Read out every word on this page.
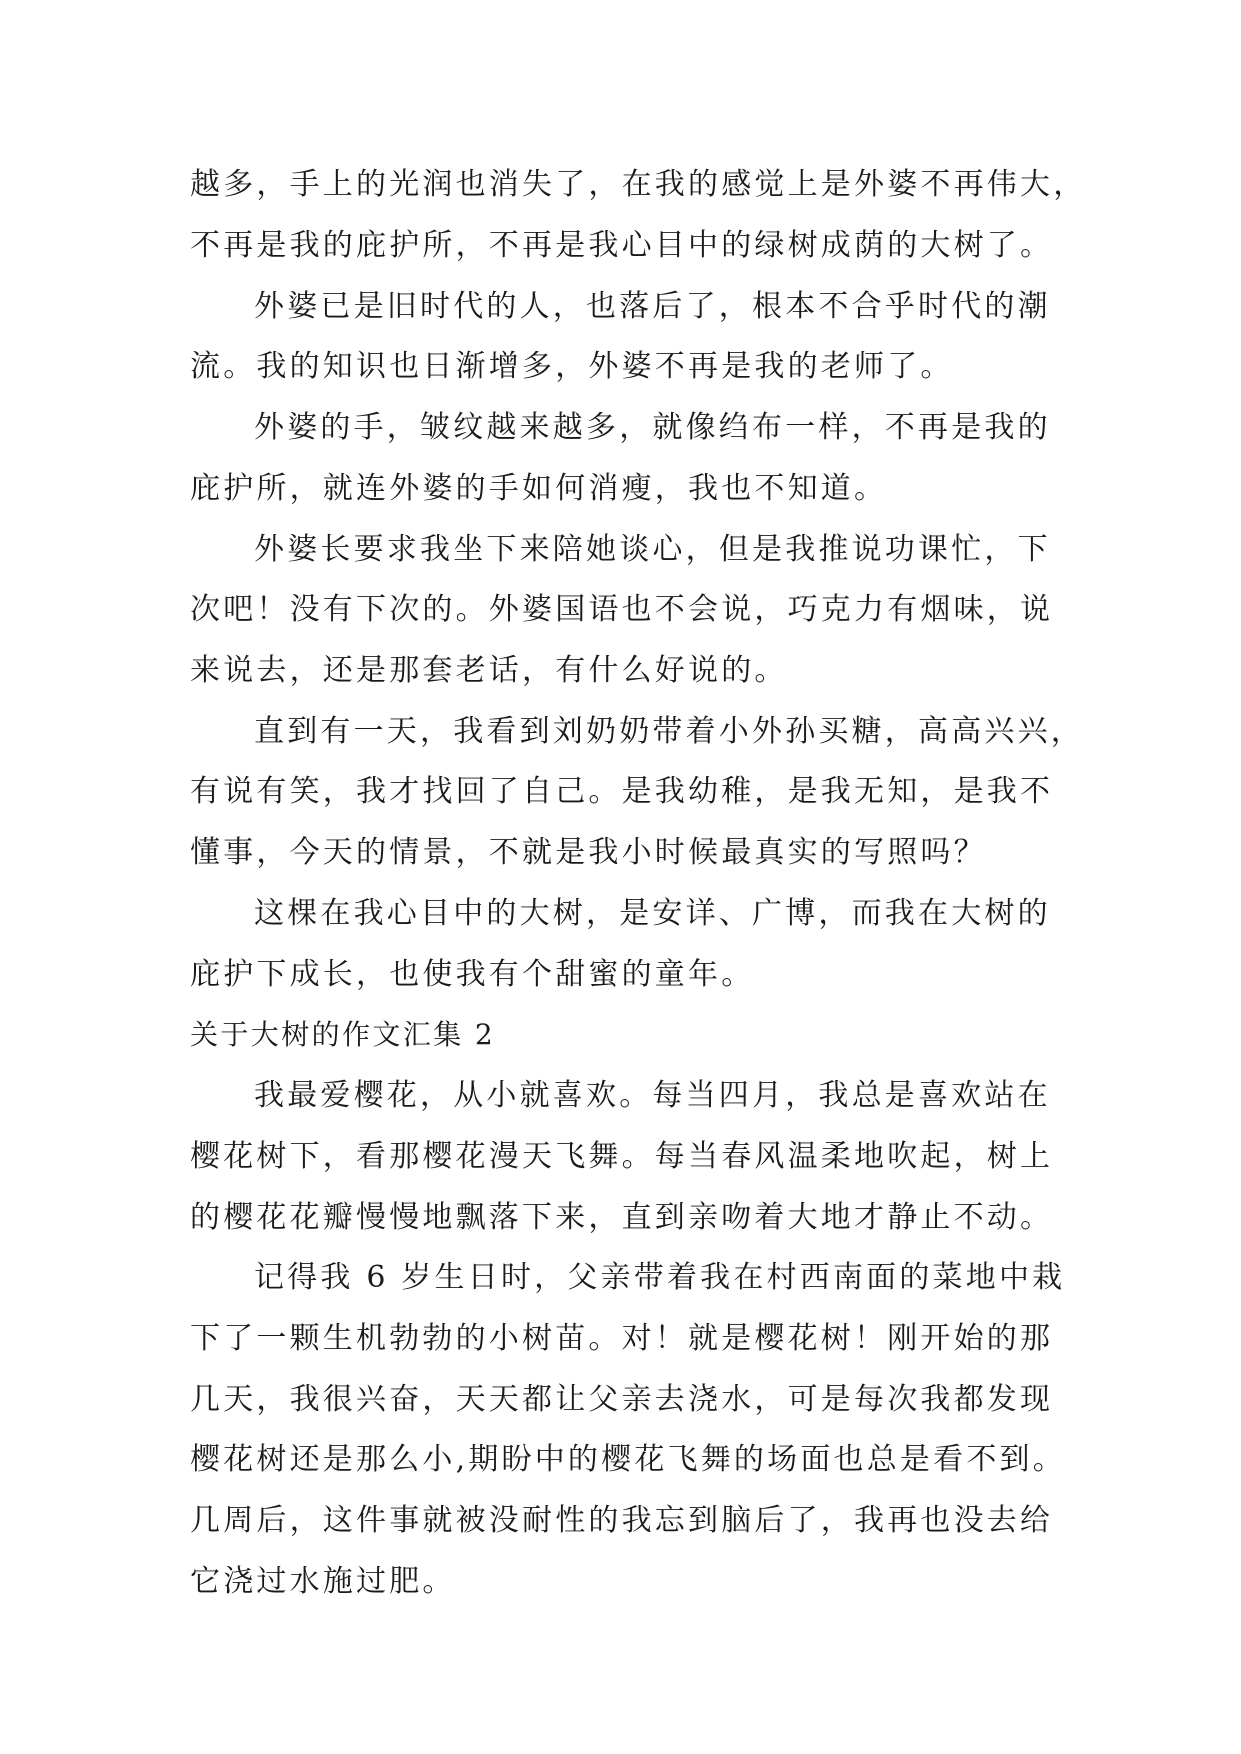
越多，手上的光润也消失了，在我的感觉上是外婆不再伟大，
不再是我的庇护所，不再是我心目中的绿树成荫的大树了。
外婆已是旧时代的人，也落后了，根本不合乎时代的潮
流。我的知识也日渐增多，外婆不再是我的老师了。
外婆的手，皱纹越来越多，就像绉布一样，不再是我的
庇护所，就连外婆的手如何消瘦，我也不知道。
外婆长要求我坐下来陪她谈心，但是我推说功课忙，下
次吧！没有下次的。外婆国语也不会说，巧克力有烟味，说
来说去，还是那套老话，有什么好说的。
直到有一天，我看到刘奶奶带着小外孙买糖，高高兴兴，
有说有笑，我才找回了自己。是我幼稚，是我无知，是我不
懂事，今天的情景，不就是我小时候最真实的写照吗？
这棵在我心目中的大树，是安详、广博，而我在大树的
庇护下成长，也使我有个甜蜜的童年。
关于大树的作文汇集 2
我最爱樱花，从小就喜欢。每当四月，我总是喜欢站在
樱花树下，看那樱花漫天飞舞。每当春风温柔地吹起，树上
的樱花花瓣慢慢地飘落下来，直到亲吻着大地才静止不动。
记得我 6 岁生日时，父亲带着我在村西南面的菜地中栽
下了一颗生机勃勃的小树苗。对！就是樱花树！刚开始的那
几天，我很兴奋，天天都让父亲去浇水，可是每次我都发现
樱花树还是那么小,期盼中的樱花飞舞的场面也总是看不到。
几周后，这件事就被没耐性的我忘到脑后了，我再也没去给
它浇过水施过肥。
